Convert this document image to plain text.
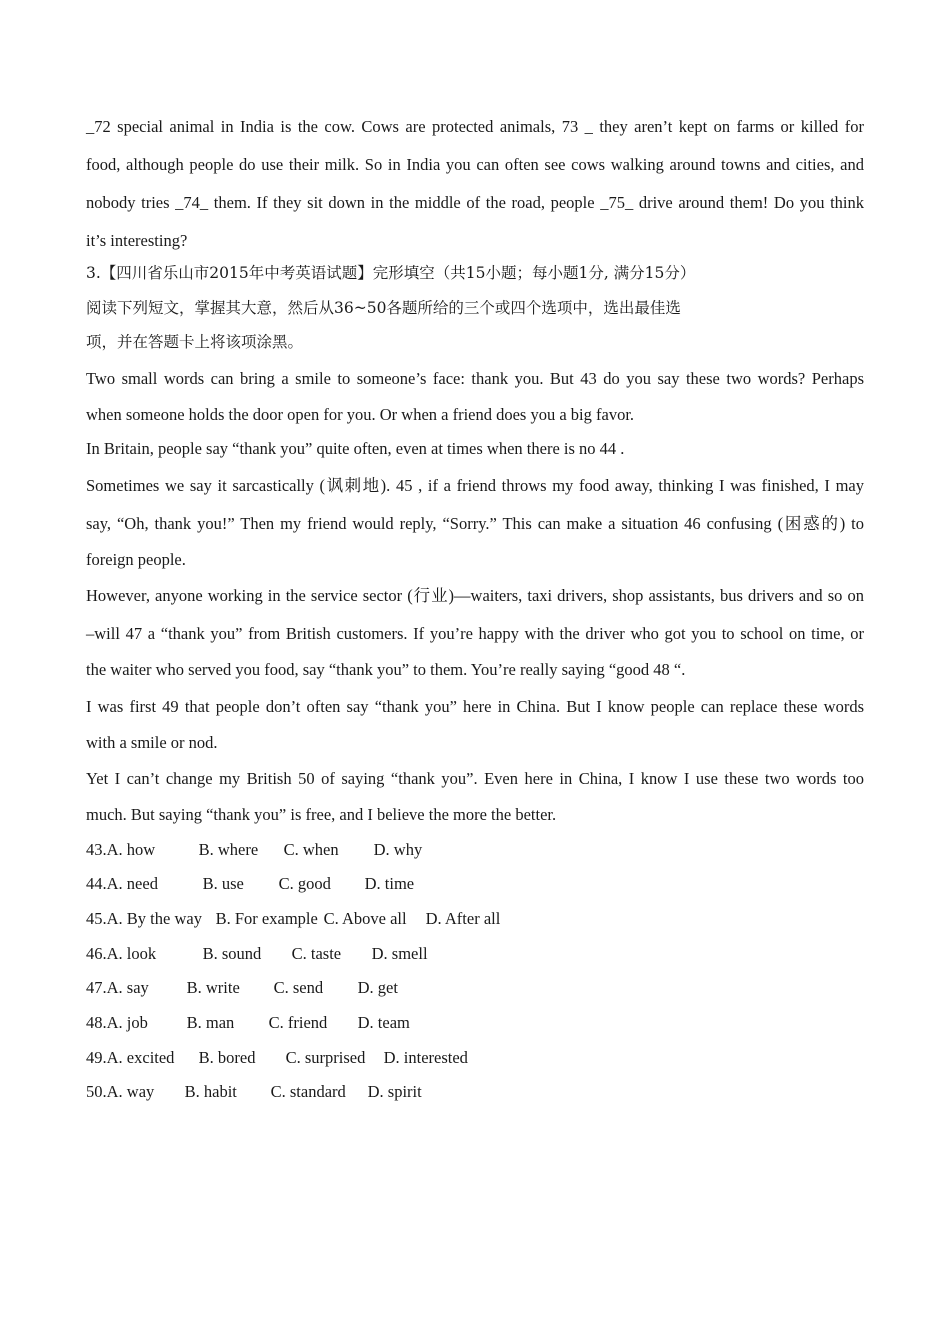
_72 special animal in India is the cow. Cows are protected animals, 73 _ they aren’t kept on farms or killed for
food, although people do use their milk. So in India you can often see cows walking around towns and cities, and
nobody tries _74_ them. If they sit down in the middle of the road, people _75_ drive around them! Do you think
it’s interesting?
3.【四川省乐山市2015年中考英语试题】完形填空（共15小题；每小题1分, 满分15分）
阅读下列短文，掌握其大意，然后从36~50各题所给的三个或四个选项中，选出最佳选
项，并在答题卡上将该项涂黑。
Two small words can bring a smile to someone’s face: thank you. But 43 do you say these two words? Perhaps
when someone holds the door open for you. Or when a friend does you a big favor.
In Britain, people say “thank you” quite often, even at times when there is no 44 .
Sometimes we say it sarcastically (讽刺地). 45 , if a friend throws my food away, thinking I was finished, I may
say, “Oh, thank you!” Then my friend would reply, “Sorry.” This can make a situation 46 confusing (困惑的) to
foreign people.
However, anyone working in the service sector (行业)—waiters, taxi drivers, shop assistants, bus drivers and so on
–will 47 a “thank you” from British customers. If you’re happy with the driver who got you to school on time, or
the waiter who served you food, say “thank you” to them. You’re really saying “good 48 “.
I was first 49 that people don’t often say “thank you” here in China. But I know people can replace these words
with a smile or nod.
Yet I can’t change my British 50 of saying “thank you”. Even here in China, I know I use these two words too
much. But saying “thank you” is free, and I believe the more the better.
43.A. how	B. where C. when D. why
44.A. need	B. use C. good D. time
45.A. By the way B. For example C. Above all D. After all
46.A. look	B. sound C. taste D. smell
47.A. say B. write C. send D. get
48.A. job B. man C. friend D. team
49.A. excited B. bored C. surprised D. interested
50.A. way B. habit C. standard D. spirit
